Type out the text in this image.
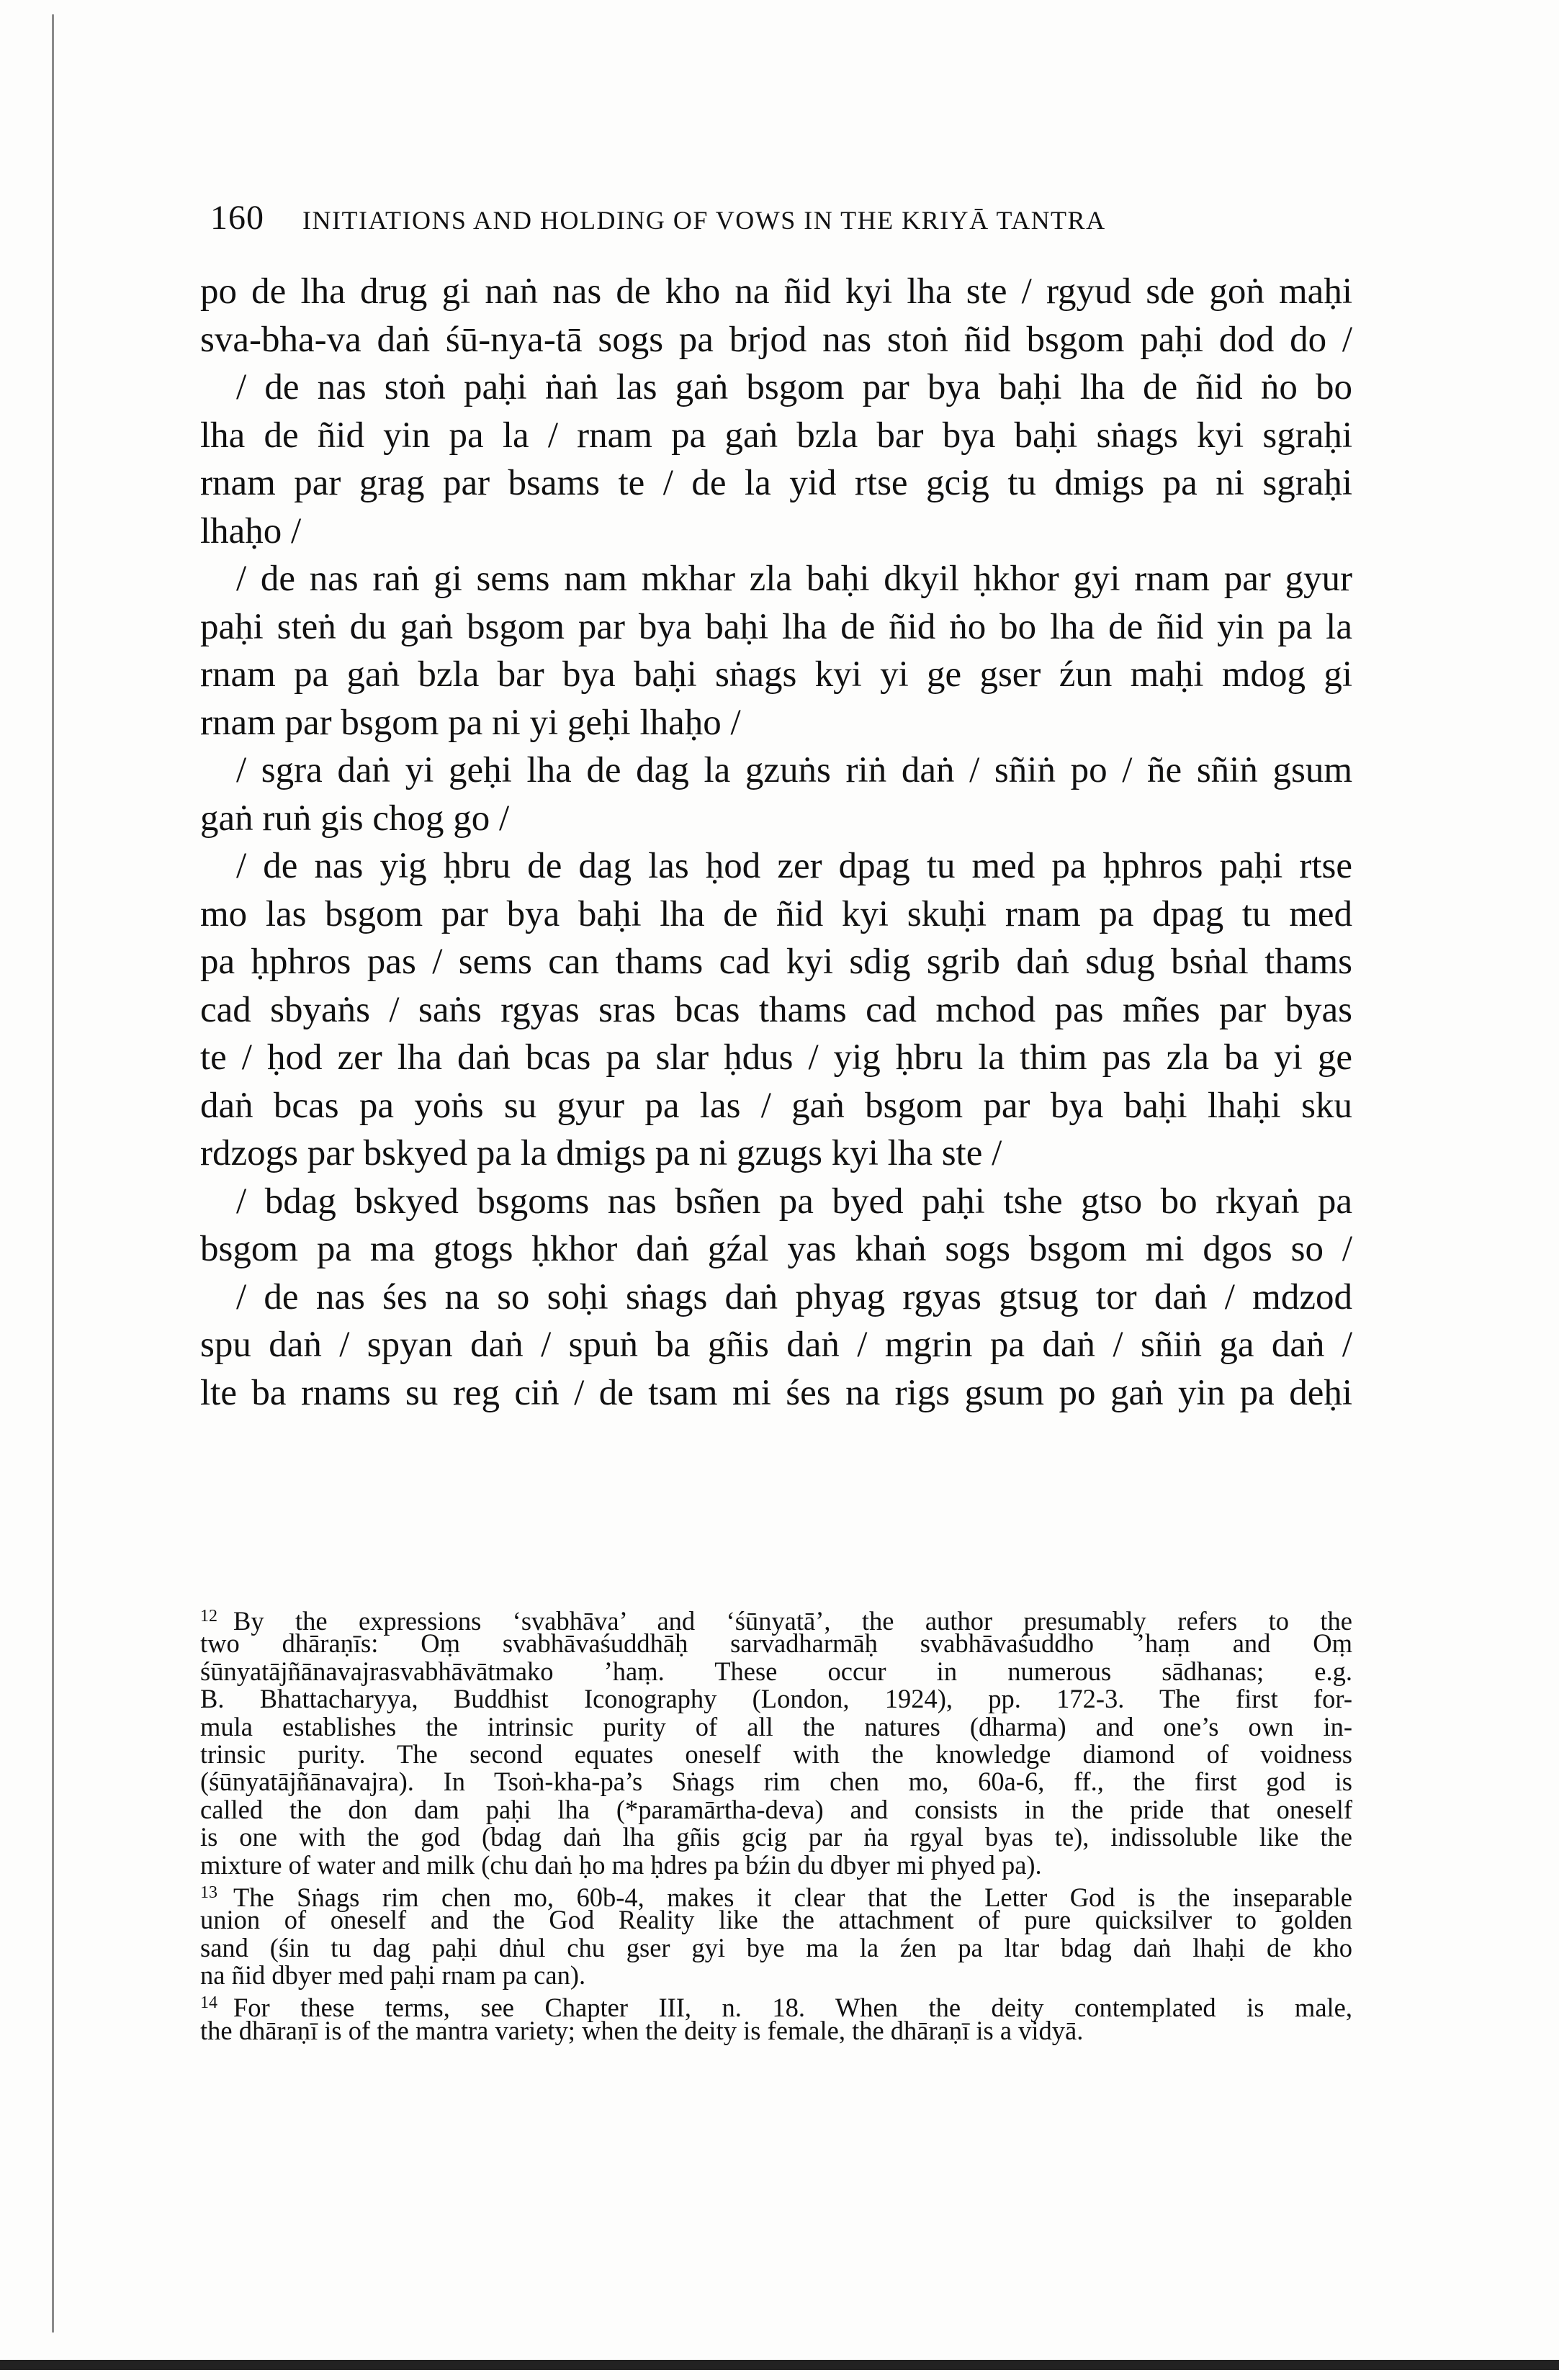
160 INITIATIONS AND HOLDING OF VOWS IN THE KRIYĀ TANTRA
po de lha drug gi naṅ nas de kho na ñid kyi lha ste / rgyud sde goṅ maḥi
sva-bha-va daṅ śū-nya-tā sogs pa brjod nas stoṅ ñid bsgom paḥi dod do /
/ de nas stoṅ paḥi ṅaṅ las gaṅ bsgom par bya baḥi lha de ñid ṅo bo
lha de ñid yin pa la / rnam pa gaṅ bzla bar bya baḥi sṅags kyi sgraḥi
rnam par grag par bsams te / de la yid rtse gcig tu dmigs pa ni sgraḥi
lhaḥo /
/ de nas raṅ gi sems nam mkhar zla baḥi dkyil ḥkhor gyi rnam par gyur
paḥi steṅ du gaṅ bsgom par bya baḥi lha de ñid ṅo bo lha de ñid yin pa la
rnam pa gaṅ bzla bar bya baḥi sṅags kyi yi ge gser źun maḥi mdog gi
rnam par bsgom pa ni yi geḥi lhaḥo /
/ sgra daṅ yi geḥi lha de dag la gzuṅs riṅ daṅ / sñiṅ po / ñe sñiṅ gsum
gaṅ ruṅ gis chog go /
/ de nas yig ḥbru de dag las ḥod zer dpag tu med pa ḥphros paḥi rtse
mo las bsgom par bya baḥi lha de ñid kyi skuḥi rnam pa dpag tu med
pa ḥphros pas / sems can thams cad kyi sdig sgrib daṅ sdug bsṅal thams
cad sbyaṅs / saṅs rgyas sras bcas thams cad mchod pas mñes par byas
te / ḥod zer lha daṅ bcas pa slar ḥdus / yig ḥbru la thim pas zla ba yi ge
daṅ bcas pa yoṅs su gyur pa las / gaṅ bsgom par bya baḥi lhaḥi sku
rdzogs par bskyed pa la dmigs pa ni gzugs kyi lha ste /
/ bdag bskyed bsgoms nas bsñen pa byed paḥi tshe gtso bo rkyaṅ pa
bsgom pa ma gtogs ḥkhor daṅ gźal yas khaṅ sogs bsgom mi dgos so /
/ de nas śes na so soḥi sṅags daṅ phyag rgyas gtsug tor daṅ / mdzod
spu daṅ / spyan daṅ / spuṅ ba gñis daṅ / mgrin pa daṅ / sñiṅ ga daṅ /
lte ba rnams su reg ciṅ / de tsam mi śes na rigs gsum po gaṅ yin pa deḥi
12 By the expressions ‘svabhāva’ and ‘śūnyatā’, the author presumably refers to the
two dhāraṇīs: Oṃ svabhāvaśuddhāḥ sarvadharmāḥ svabhāvaśuddho ’haṃ and Oṃ
śūnyatājñānavajrasvabhāvātmako ’haṃ. These occur in numerous sādhanas; e.g.
B. Bhattacharyya, Buddhist Iconography (London, 1924), pp. 172-3. The first for-
mula establishes the intrinsic purity of all the natures (dharma) and one’s own in-
trinsic purity. The second equates oneself with the knowledge diamond of voidness
(śūnyatājñānavajra). In Tsoṅ-kha-pa’s Sṅags rim chen mo, 60a-6, ff., the first god is
called the don dam paḥi lha (*paramārtha-deva) and consists in the pride that oneself
is one with the god (bdag daṅ lha gñis gcig par ṅa rgyal byas te), indissoluble like the
mixture of water and milk (chu daṅ ḥo ma ḥdres pa bźin du dbyer mi phyed pa).
13 The Sṅags rim chen mo, 60b-4, makes it clear that the Letter God is the inseparable
union of oneself and the God Reality like the attachment of pure quicksilver to golden
sand (śin tu dag paḥi dṅul chu gser gyi bye ma la źen pa ltar bdag daṅ lhaḥi de kho
na ñid dbyer med paḥi rnam pa can).
14 For these terms, see Chapter III, n. 18. When the deity contemplated is male,
the dhāraṇī is of the mantra variety; when the deity is female, the dhāraṇī is a vidyā.
